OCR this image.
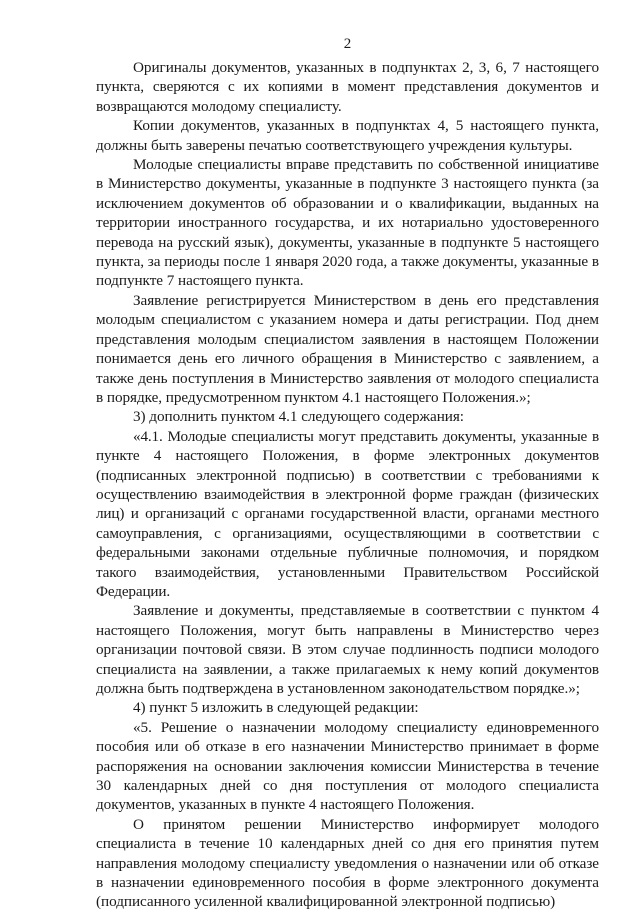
2

Оригиналы документов, указанных в подпунктах 2, 3, 6, 7 настоящего пункта, сверяются с их копиями в момент представления документов и возвращаются молодому специалисту.

Копии документов, указанных в подпунктах 4, 5 настоящего пункта, должны быть заверены печатью соответствующего учреждения культуры.

Молодые специалисты вправе представить по собственной инициативе в Министерство документы, указанные в подпункте 3 настоящего пункта (за исключением документов об образовании и о квалификации, выданных на территории иностранного государства, и их нотариально удостоверенного перевода на русский язык), документы, указанные в подпункте 5 настоящего пункта, за периоды после 1 января 2020 года, а также документы, указанные в подпункте 7 настоящего пункта.

Заявление регистрируется Министерством в день его представления молодым специалистом с указанием номера и даты регистрации. Под днем представления молодым специалистом заявления в настоящем Положении понимается день его личного обращения в Министерство с заявлением, а также день поступления в Министерство заявления от молодого специалиста в порядке, предусмотренном пунктом 4.1 настоящего Положения.»;

3) дополнить пунктом 4.1 следующего содержания:

«4.1. Молодые специалисты могут представить документы, указанные в пункте 4 настоящего Положения, в форме электронных документов (подписанных электронной подписью) в соответствии с требованиями к осуществлению взаимодействия в электронной форме граждан (физических лиц) и организаций с органами государственной власти, органами местного самоуправления, с организациями, осуществляющими в соответствии с федеральными законами отдельные публичные полномочия, и порядком такого взаимодействия, установленными Правительством Российской Федерации.

Заявление и документы, представляемые в соответствии с пунктом 4 настоящего Положения, могут быть направлены в Министерство через организации почтовой связи. В этом случае подлинность подписи молодого специалиста на заявлении, а также прилагаемых к нему копий документов должна быть подтверждена в установленном законодательством порядке.»;

4) пункт 5 изложить в следующей редакции:

«5. Решение о назначении молодому специалисту единовременного пособия или об отказе в его назначении Министерство принимает в форме распоряжения на основании заключения комиссии Министерства в течение 30 календарных дней со дня поступления от молодого специалиста документов, указанных в пункте 4 настоящего Положения.

О принятом решении Министерство информирует молодого специалиста в течение 10 календарных дней со дня его принятия путем направления молодому специалисту уведомления о назначении или об отказе в назначении единовременного пособия в форме электронного документа (подписанного усиленной квалифицированной электронной подписью)
